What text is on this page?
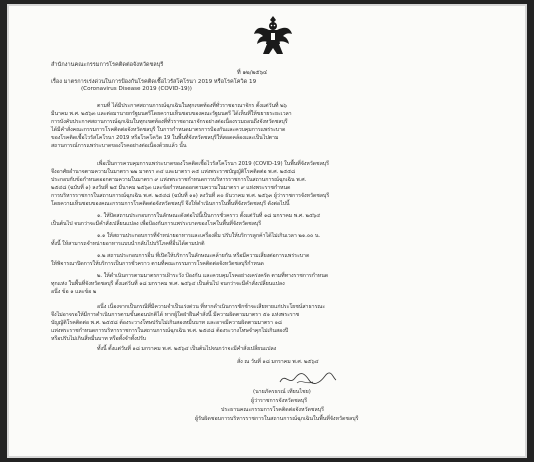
สำนักงานคณะกรรมการโรคติดต่อจังหวัดชลบุรี
ที่ ๑๒/๒๕๖๔
เรื่อง มาตรการเร่งด่วนในการป้องกันโรคติดเชื้อไวรัสโคโรนา 2019 หรือโรคโควิด 19
(Coronavirus Disease 2019 (COVID-19))
ตามที่ ได้มีประกาศสถานการณ์ฉุกเฉินในทุกเขตท้องที่ทั่วราชอาณาจักร ตั้งแต่วันที่ ๒๖
มีนาคม พ.ศ. ๒๕๖๓ และต่อมานายกรัฐมนตรีโดยความเห็นชอบของคณะรัฐมนตรี ได้เห็นที่ให้ขยายระยะเวลา
การบังคับประกาศสถานการณ์ฉุกเฉินในทุกเขตท้องที่ทั่วราชอาณาจักรอย่างต่อเนื่องรวมถอนถึงจังหวัดชลบุรี
ได้มีคำสั่งคณะกรรมการโรคติดต่อจังหวัดชลบุรี ในการกำหนดมาตรการป้องกันและควบคุมการแพร่ระบาด
ของโรคติดเชื้อไวรัสโคโรนา 2019 หรือโรคโควิด 19 ในพื้นที่จังหวัดชลบุรีให้สอดคล้องและเป็นไปตาม
สถานการณ์การแพร่ระบาดของโรคอย่างต่อเนื่องด้วยแล้ว นั้น
เพื่อเป็นการควบคุมการแพร่ระบาดของโรคติดเชื้อไวรัสโคโรนา 2019 (COVID-19) ในพื้นที่จังหวัดชลบุรี
จึงอาศัยอำนาจตามความในมาตรา ๒๒ มาตรา ๓๔ และมาตรา ๓๕ แห่งพระราชบัญญัติโรคติดต่อ พ.ศ. ๒๕๕๘
ประกอบกับข้อกำหนดออกตามความในมาตรา ๙ แห่งพระราชกำหนดการบริหารราชการในสถานการณ์ฉุกเฉิน พ.ศ.
๒๕๔๘ (ฉบับที่ ๑) ลงวันที่ ๒๕ มีนาคม ๒๕๖๓ และข้อกำหนดออกตามความในมาตรา ๙ แห่งพระราชกำหนด
การบริหารราชการในสถานการณ์ฉุกเฉิน พ.ศ. ๒๕๔๘ (ฉบับที่ ๑๑) ลงวันที่ ๓๐ ธันวาคม พ.ศ. ๒๕๖๓ ผู้ว่าราชการจังหวัดชลบุรี
โดยความเห็นชอบของคณะกรรมการโรคติดต่อจังหวัดชลบุรี จึงให้ดำเนินการในพื้นที่จังหวัดชลบุรี ดังต่อไปนี้
๑. ให้ปิดสถานประกอบการในลักษณะดังต่อไปนี้เป็นการชั่วคราว ตั้งแต่วันที่ ๑๘ มกราคม พ.ศ. ๒๕๖๔
เป็นต้นไป จนกว่าจะมีคำสั่งเปลี่ยนแปลง เพื่อป้องกันการแพร่ระบาดของโรคในพื้นที่จังหวัดชลบุรี
๑.๑ ให้สถานประกอบการที่จำหน่ายอาหารและเครื่องดื่ม ปรับให้บริการลูกค้าได้ไม่เกินเวลา ๒๑.๐๐ น.
ทั้งนี้ ให้สามารถจำหน่ายอาหารแบบนำกลับไปบริโภคที่อื่นได้ตามปกติ
๑.๒ สถานประกอบการอื่น ที่เปิดให้บริการในลักษณะคล้ายกัน หรือมีความเสี่ยงต่อการแพร่ระบาด
ให้พิจารณาปิดการให้บริการเป็นการชั่วคราว ตามที่คณะกรรมการโรคติดต่อจังหวัดชลบุรีกำหนด
๒. ให้ดำเนินการตามมาตรการเฝ้าระวัง ป้องกัน และควบคุมโรคอย่างเคร่งครัด ตามที่ทางราชการกำหนด
ทุกแห่ง ในพื้นที่จังหวัดชลบุรี ตั้งแต่วันที่ ๑๘ มกราคม พ.ศ. ๒๕๖๔ เป็นต้นไป จนกว่าจะมีคำสั่งเปลี่ยนแปลง
อนึ่ง ข้อ ๑ และข้อ ๒
อนึ่ง เนื่องจากเป็นกรณีที่มีความจำเป็นเร่งด่วน ที่หากดำเนินการชักช้าจะเสียหายแก่ประโยชน์สาธารณะ
จึงไม่อาจรอให้มีการดำเนินการตามขั้นตอนปกติได้ หากผู้ใดฝ่าฝืนคำสั่งนี้ มีความผิดตามมาตรา ๕๑ แห่งพระราช
บัญญัติโรคติดต่อ พ.ศ. ๒๕๕๘ ต้องระวางโทษปรับไม่เกินสองหมื่นบาท และอาจมีความผิดตามมาตรา ๑๘
แห่งพระราชกำหนดการบริหารราชการในสถานการณ์ฉุกเฉิน พ.ศ. ๒๕๔๘ ต้องระวางโทษจำคุกไม่เกินสองปี
หรือปรับไม่เกินสี่หมื่นบาท หรือทั้งจำทั้งปรับ
ทั้งนี้ ตั้งแต่วันที่ ๑๘ มกราคม พ.ศ. ๒๕๖๔ เป็นต้นไปจนกว่าจะมีคำสั่งเปลี่ยนแปลง
สั่ง ณ วันที่ ๑๘ มกราคม พ.ศ. ๒๕๖๔
(นายภัครธรณ์ เทียนไชย)
ผู้ว่าราชการจังหวัดชลบุรี
ประธานคณะกรรมการโรคติดต่อจังหวัดชลบุรี
ผู้รับผิดชอบการบริหารราชการในสถานการณ์ฉุกเฉินในพื้นที่จังหวัดชลบุรี
